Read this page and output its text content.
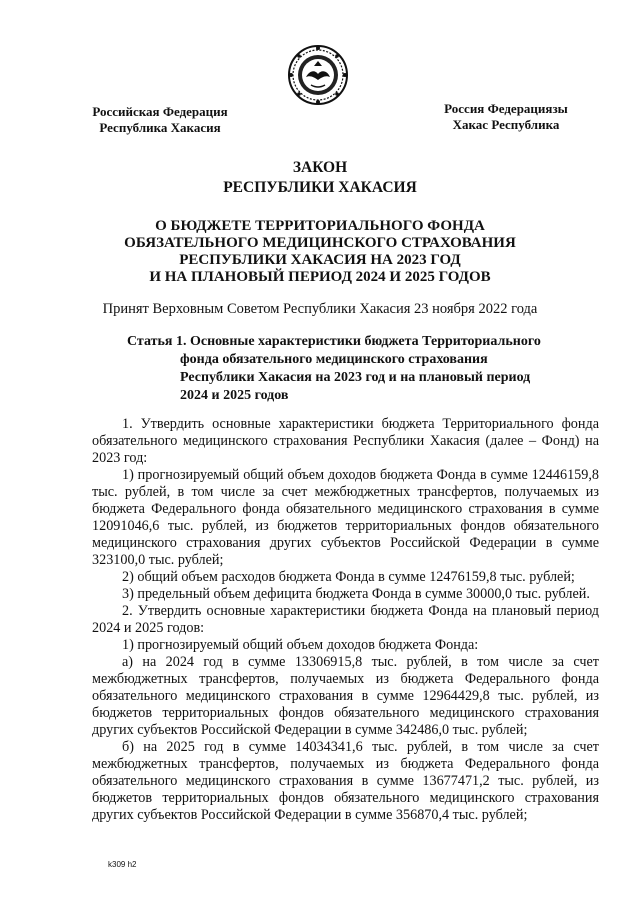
Российская Федерация
Республика Хакасия
Россия Федерациязы
Хакас Республика
ЗАКОН
РЕСПУБЛИКИ ХАКАСИЯ
О БЮДЖЕТЕ ТЕРРИТОРИАЛЬНОГО ФОНДА
ОБЯЗАТЕЛЬНОГО МЕДИЦИНСКОГО СТРАХОВАНИЯ
РЕСПУБЛИКИ ХАКАСИЯ НА 2023 ГОД
И НА ПЛАНОВЫЙ ПЕРИОД 2024 И 2025 ГОДОВ
Принят Верховным Советом Республики Хакасия 23 ноября 2022 года
Статья 1. Основные характеристики бюджета Территориального
фонда обязательного медицинского страхования
Республики Хакасия на 2023 год и на плановый период
2024 и 2025 годов

1. Утвердить основные характеристики бюджета Территориального фонда обязательного медицинского страхования Республики Хакасия (далее – Фонд) на 2023 год:

1) прогнозируемый общий объем доходов бюджета Фонда в сумме 12446159,8 тыс. рублей, в том числе за счет межбюджетных трансфертов, получаемых из бюджета Федерального фонда обязательного медицинского страхования в сумме 12091046,6 тыс. рублей, из бюджетов территориальных фондов обязательного медицинского страхования других субъектов Российской Федерации в сумме 323100,0 тыс. рублей;

2) общий объем расходов бюджета Фонда в сумме 12476159,8 тыс. рублей;

3) предельный объем дефицита бюджета Фонда в сумме 30000,0 тыс. рублей.

2. Утвердить основные характеристики бюджета Фонда на плановый период 2024 и 2025 годов:

1) прогнозируемый общий объем доходов бюджета Фонда:

а) на 2024 год в сумме 13306915,8 тыс. рублей, в том числе за счет межбюджетных трансфертов, получаемых из бюджета Федерального фонда обязательного медицинского страхования в сумме 12964429,8 тыс. рублей, из бюджетов территориальных фондов обязательного медицинского страхования других субъектов Российской Федерации в сумме 342486,0 тыс. рублей;

б) на 2025 год в сумме 14034341,6 тыс. рублей, в том числе за счет межбюджетных трансфертов, получаемых из бюджета Федерального фонда обязательного медицинского страхования в сумме 13677471,2 тыс. рублей, из бюджетов территориальных фондов обязательного медицинского страхования других субъектов Российской Федерации в сумме 356870,4 тыс. рублей;

k309 h2
